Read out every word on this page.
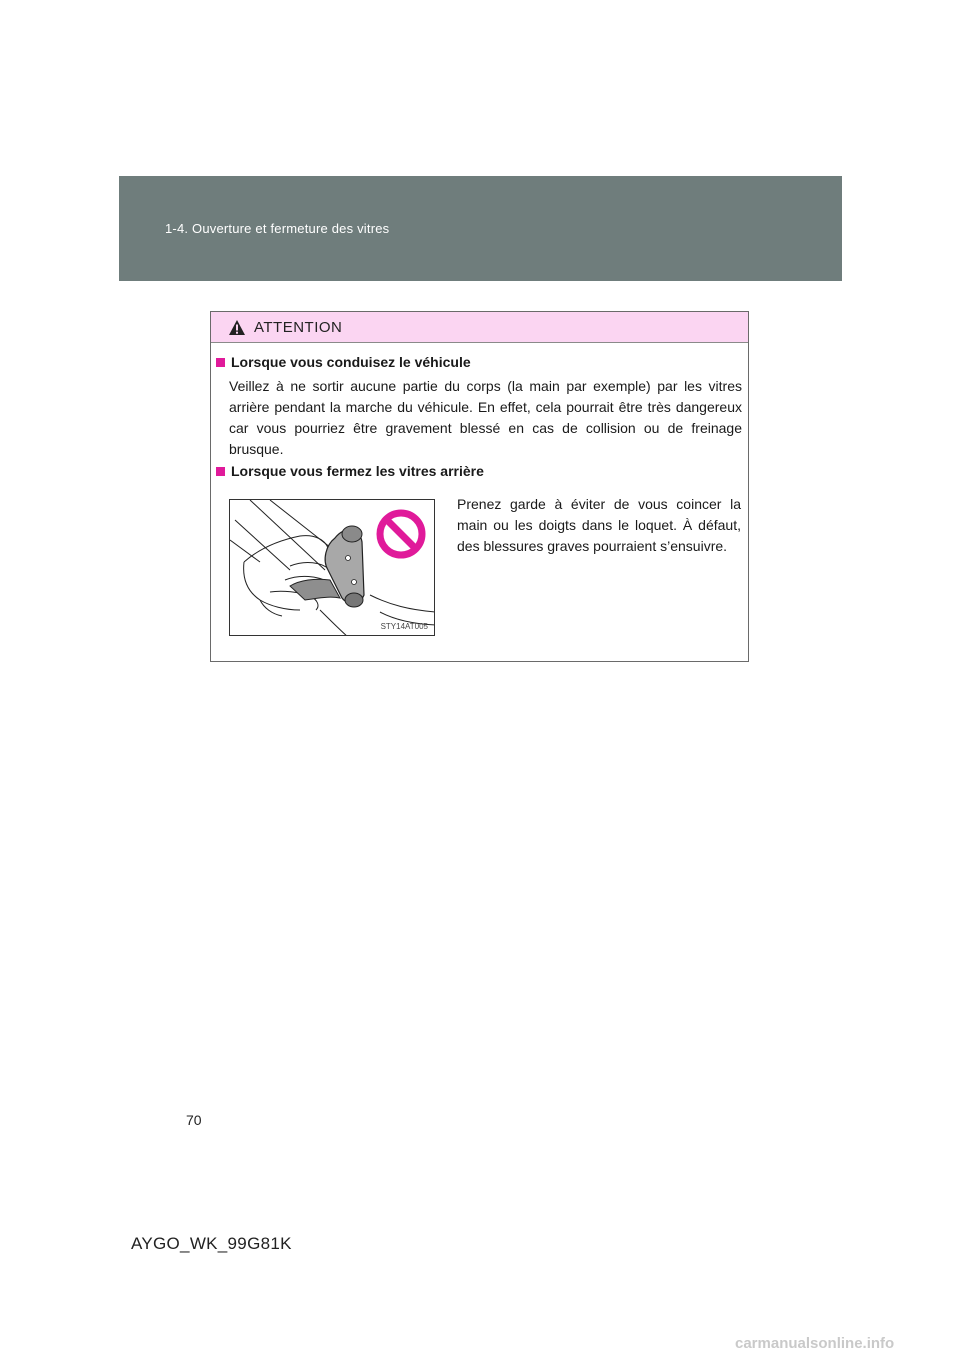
1-4. Ouverture et fermeture des vitres
ATTENTION
Lorsque vous conduisez le véhicule
Veillez à ne sortir aucune partie du corps (la main par exemple) par les vitres arrière pendant la marche du véhicule. En effet, cela pourrait être très dangereux car vous pourriez être gravement blessé en cas de collision ou de freinage brusque.
Lorsque vous fermez les vitres arrière
STY14AT005
Prenez garde à éviter de vous coincer la main ou les doigts dans le loquet. À défaut, des blessures graves pourraient s’ensuivre.
70
AYGO_WK_99G81K
carmanualsonline.info
